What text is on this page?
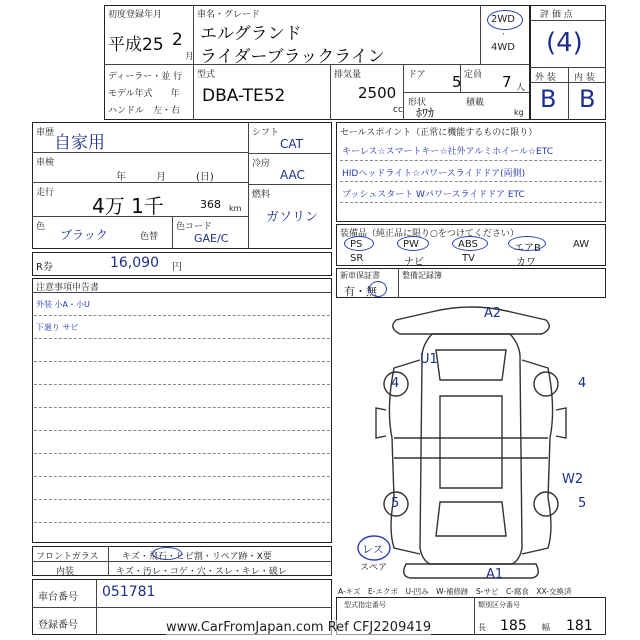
初度登録年月
平成25 2
月
車名・グレード
エルグランド
ライダーブラックライン
2WD
·
4WD
ディーラー・並 行
モデル年式　　年
ハンドル　左・右
型式
DBA-TE52
排気量
2500
cc
ドア 5 定員 7 人
形状
ﾎﾜｶ
積載
kg
評 価 点
(4)
外 装 内 装
B B
車歴 自家用
車検
年　　　月　　　(日)
走行
4万 1千	368 km
色
ブラック	色替
色コード
GAE/C
シフト
CAT
冷房
AAC
燃料
ガソリン
R券	16,090 円
セールスポイント（正常に機能するものに限り）
キーレス☆スマートキー☆社外アルミホイール☆ETC
HIDヘッドライト☆パワースライドドア(両側)
プッシュスタート Wパワースライドドア ETC
装備品（純正品に限り○をつけてください）
PS	PW	ABS	エアB	AW
SR	ナビ	TV	カワ
新車保証書
有・無
整備記録簿
注意事項申告書
外装 小A・小U
下廻り サビ
A2
U1
4	4
5	5
W2
A1
レス
スペア
A-キズ　E-エクボ　U-凹み　W-補修跡　S-サビ　C-腐食　XX-交換済
フロントガラス	キズ・飛石・ヒビ割・リペア跡・X要
内装	キズ・汚レ・コゲ・穴・スレ・キレ・破レ
車台番号 051781
登録番号
型式指定番号	類別区分番号
長 185 幅 181
www.CarFromJapan.com Ref CFJ2209419
